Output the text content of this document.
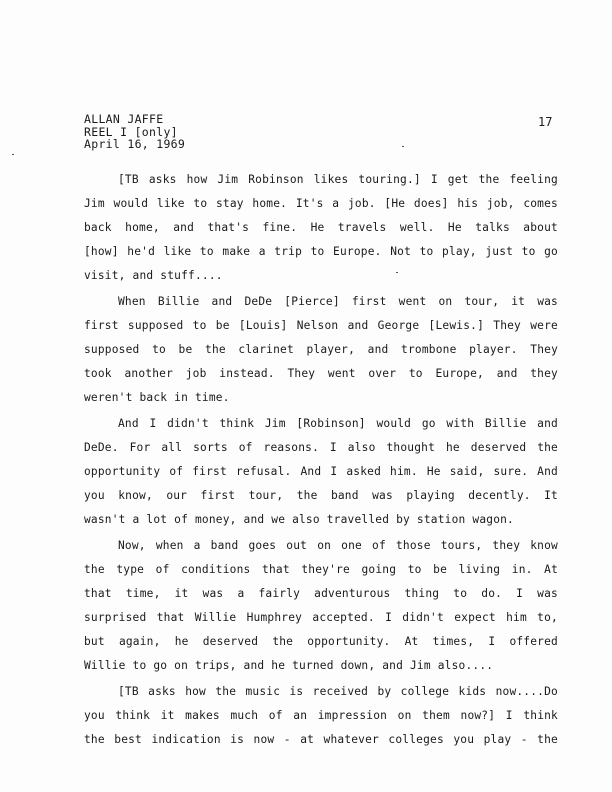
ALLAN JAFFE
REEL I [only]
April 16, 1969
17
[TB asks how Jim Robinson likes touring.] I get the feeling
Jim would like to stay home. It's a job. [He does] his job, comes
back home, and that's fine. He travels well. He talks about
[how] he'd like to make a trip to Europe. Not to play, just to go
visit, and stuff....
When Billie and DeDe [Pierce] first went on tour, it was
first supposed to be [Louis] Nelson and George [Lewis.] They were
supposed to be the clarinet player, and trombone player. They
took another job instead. They went over to Europe, and they
weren't back in time.
And I didn't think Jim [Robinson] would go with Billie and
DeDe. For all sorts of reasons. I also thought he deserved the
opportunity of first refusal. And I asked him. He said, sure. And
you know, our first tour, the band was playing decently. It
wasn't a lot of money, and we also travelled by station wagon.
Now, when a band goes out on one of those tours, they know
the type of conditions that they're going to be living in. At
that time, it was a fairly adventurous thing to do. I was
surprised that Willie Humphrey accepted. I didn't expect him to,
but again, he deserved the opportunity. At times, I offered
Willie to go on trips, and he turned down, and Jim also....
[TB asks how the music is received by college kids now....Do
you think it makes much of an impression on them now?] I think
the best indication is now - at whatever colleges you play - the
